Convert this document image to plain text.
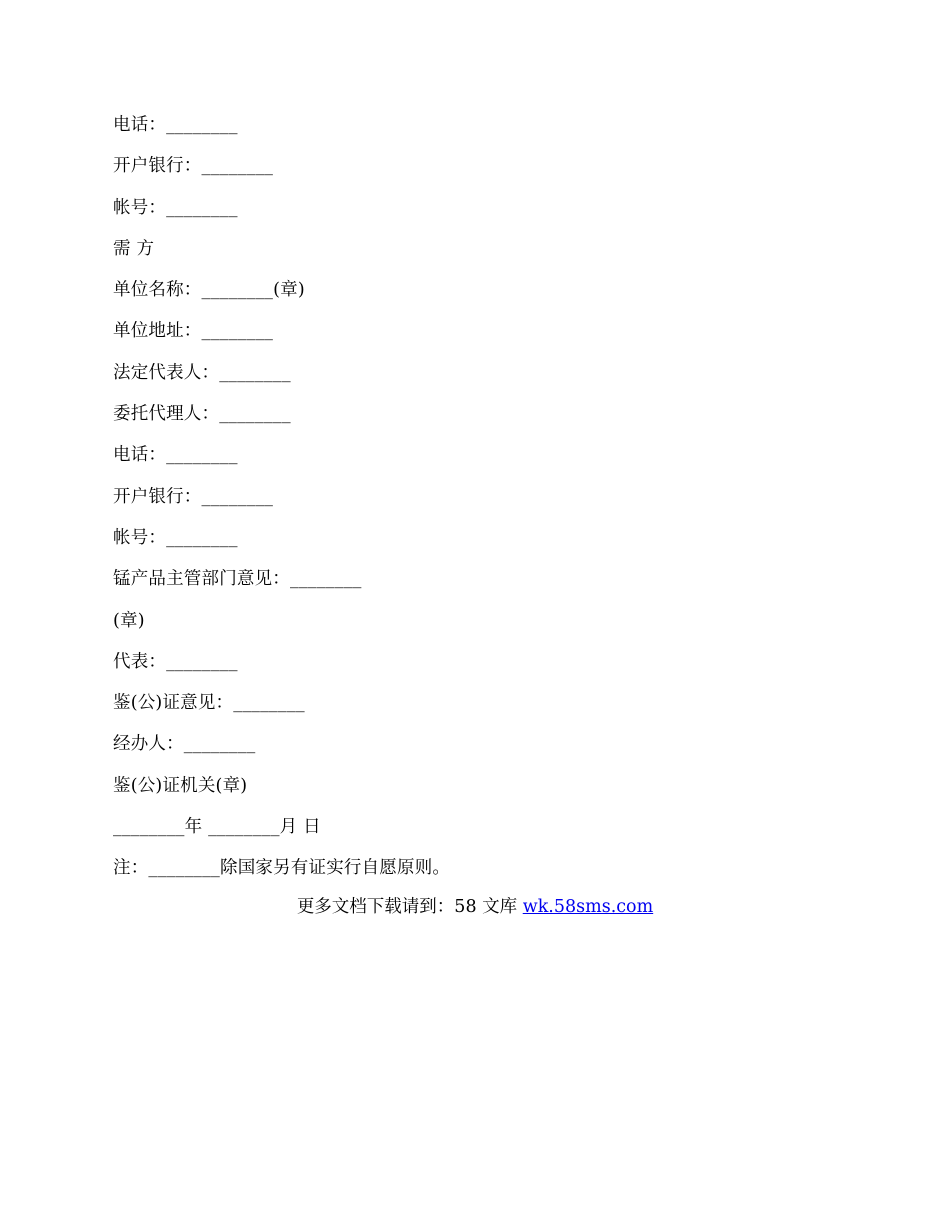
电话：________
开户银行：________
帐号：________
需 方
单位名称：________(章)
单位地址：________
法定代表人：________
委托代理人：________
电话：________
开户银行：________
帐号：________
锰产品主管部门意见：________
(章)
代表：________
鉴(公)证意见：________
经办人：________
鉴(公)证机关(章)
________年 ________月 日
注：________除国家另有证实行自愿原则。
更多文档下载请到：58 文库 wk.58sms.com
